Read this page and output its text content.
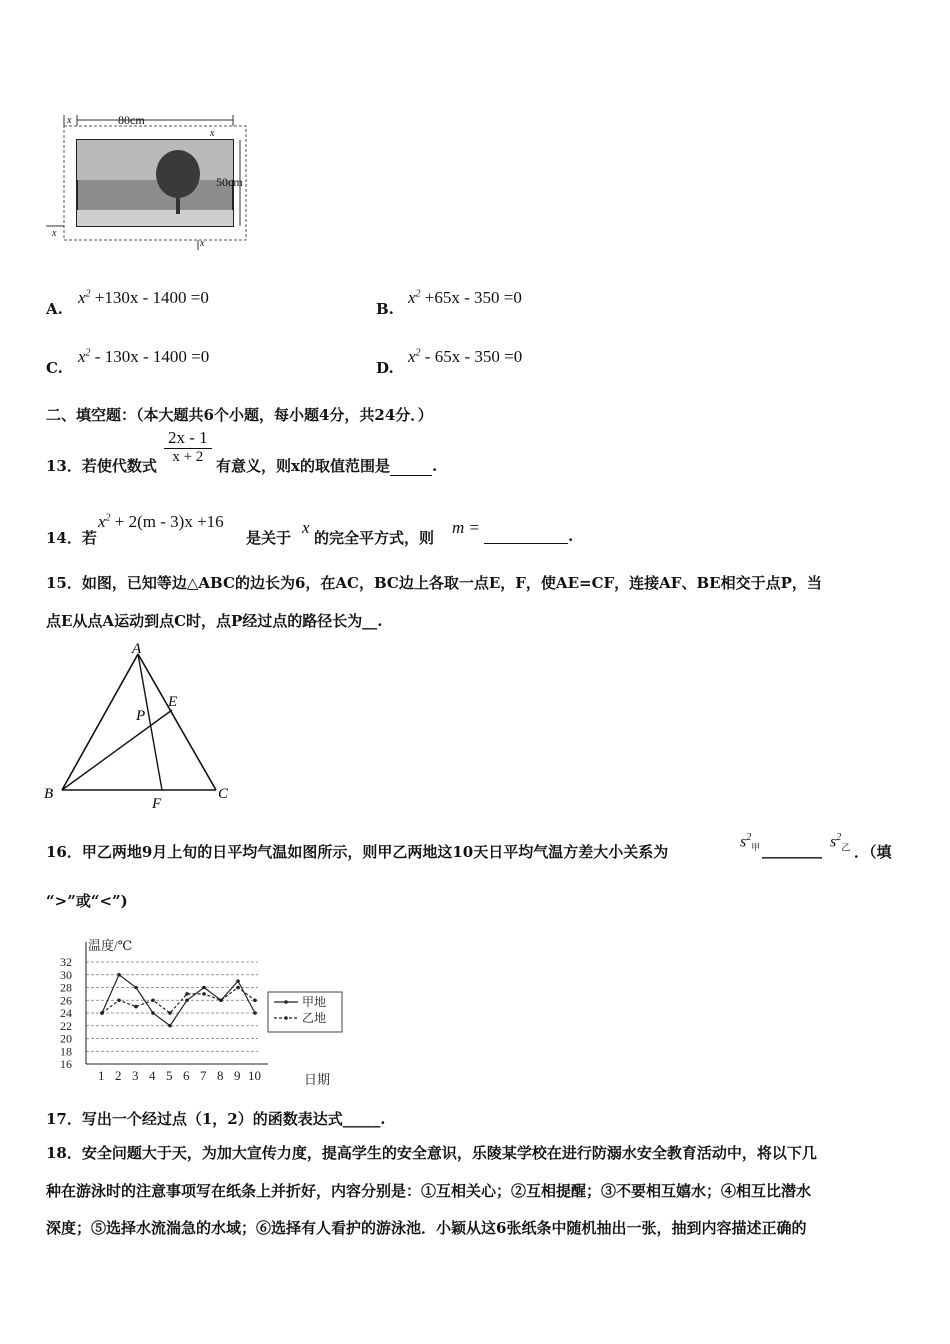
80cm
x
50cm
x
x
x
A.
$x^2 +130x - 1400 =0$
B.
$x^2 +65x - 350 =0$
C.
$x^2 - 130x - 1400 =0$
D.
$x^2 - 65x - 350 =0$
二、填空题：（本大题共6个小题，每小题4分，共24分．）
13．若使代数式 $\frac{2x - 1}{x + 2}$ 有意义，则x的取值范围是	.
14．若
$x^2 + 2(m - 3)x +16$
是关于
x
的完全平方式，则
m =	.
15．如图，已知等边△ABC的边长为6，在AC，BC边上各取一点E，F，使AE=CF，连接AF、BE相交于点P，当
点E从点A运动到点C时，点P经过点的路径长为__.
A
B	C
E
F
P
16．甲乙两地9月上旬的日平均气温如图所示，则甲乙两地这10天日平均气温方差大小关系为
$s^2_甲$ ________ $s^2_乙$ ．（填
“>”或“<”)
16
18
20
22
24
26
28
30
32
温度/℃
日期
1 2 3 4 5 6 7 8 9 10
甲地
乙地
17．写出一个经过点（1，2）的函数表达式_____.
18．安全问题大于天，为加大宣传力度，提高学生的安全意识，乐陵某学校在进行防溺水安全教育活动中，将以下几
种在游泳时的注意事项写在纸条上并折好，内容分别是：①互相关心；②互相提醒；③不要相互嬉水；④相互比潜水
深度；⑤选择水流湍急的水域；⑥选择有人看护的游泳池．小颖从这6张纸条中随机抽出一张，抽到内容描述正确的
